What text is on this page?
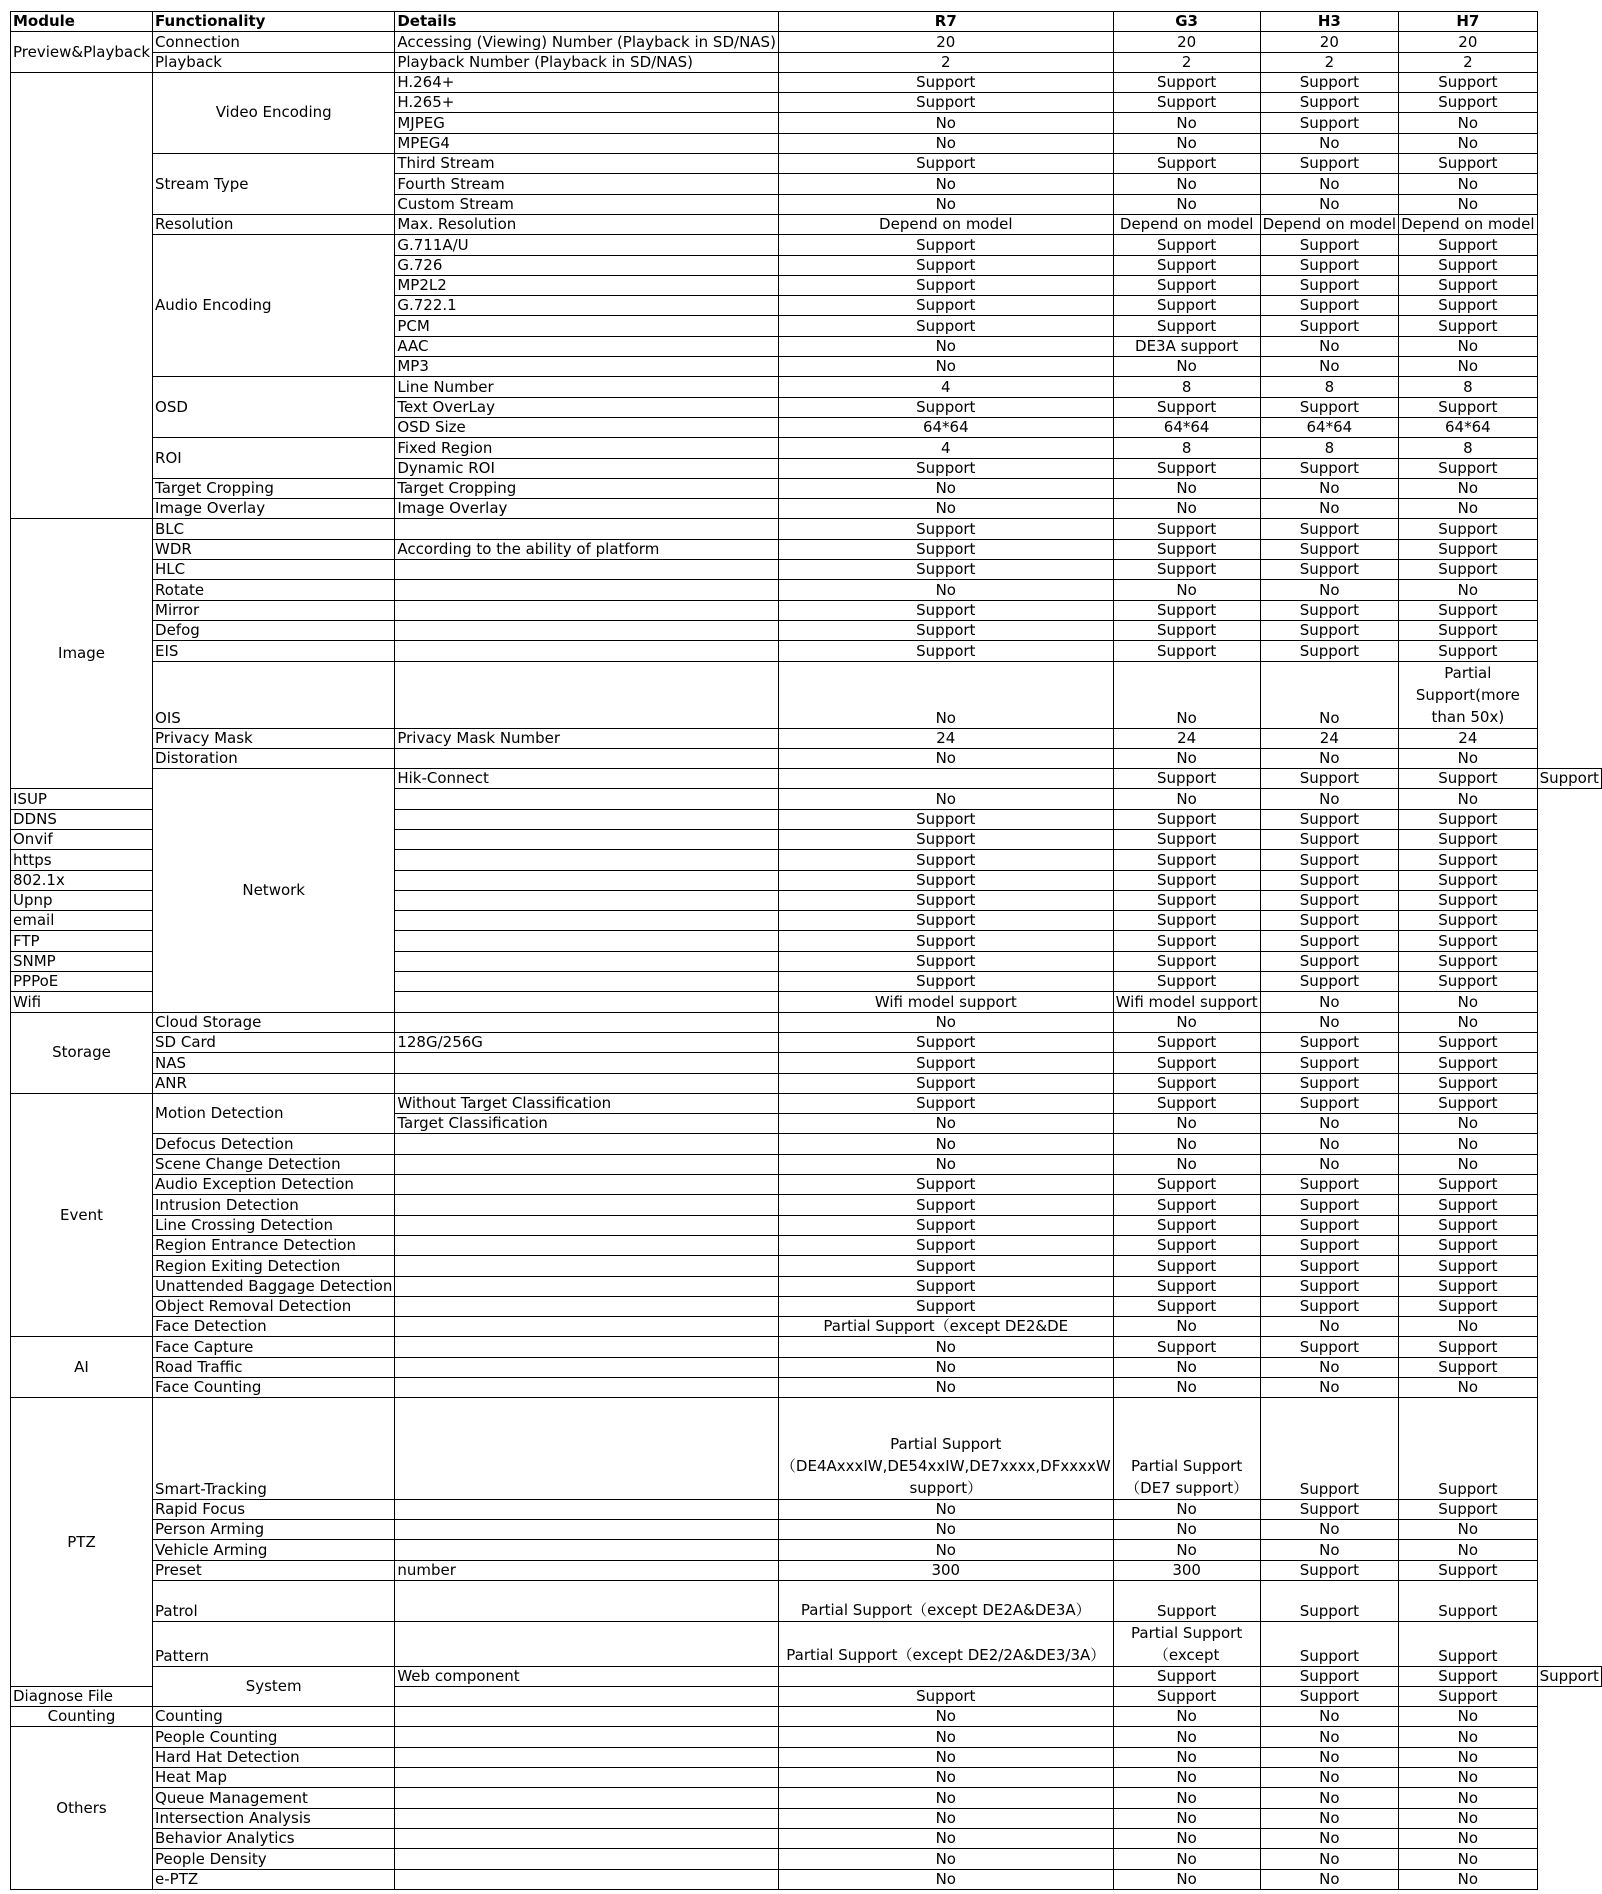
Module	Functionality	Details	R7	G3	H3	H7	
Preview&Playback	Connection	Accessing (Viewing) Number (Playback in SD/NAS)	20	20	20	20	
	Playback	Playback Number (Playback in SD/NAS)	2	2	2	2	
	Video Encoding	H.264+	Support	Support	Support	Support	
		H.265+	Support	Support	Support	Support	
		MJPEG	No	No	Support	No	
		MPEG4	No	No	No	No	
	Stream Type	Third Stream	Support	Support	Support	Support	
		Fourth Stream	No	No	No	No	
		Custom Stream	No	No	No	No	
	Resolution	Max. Resolution	Depend on model	Depend on model	Depend on model	Depend on model	
	Audio Encoding	G.711A/U	Support	Support	Support	Support	
		G.726	Support	Support	Support	Support	
		MP2L2	Support	Support	Support	Support	
		G.722.1	Support	Support	Support	Support	
		PCM	Support	Support	Support	Support	
		AAC	No	DE3A support	No	No	
		MP3	No	No	No	No	
	OSD	Line Number	4	8	8	8	
		Text OverLay	Support	Support	Support	Support	
		OSD Size	64*64	64*64	64*64	64*64	
	ROI	Fixed Region	4	8	8	8	
		Dynamic ROI	Support	Support	Support	Support	
	Target Cropping	Target Cropping	No	No	No	No	
	Image Overlay	Image Overlay	No	No	No	No	
Image	BLC		Support	Support	Support	Support	
	WDR	According to the ability of platform	Support	Support	Support	Support	
	HLC		Support	Support	Support	Support	
	Rotate		No	No	No	No	
	Mirror		Support	Support	Support	Support	
	Defog		Support	Support	Support	Support	
	EIS		Support	Support	Support	Support	
	OIS		No	No	No	Partial Support(more than 50x)	
	Privacy Mask	Privacy Mask Number	24	24	24	24	
	Distoration		No	No	No	No	
	Network	Hik-Connect		Support	Support	Support	Support
ISUP			No	No	No	No	
DDNS			Support	Support	Support	Support	
Onvif			Support	Support	Support	Support	
https			Support	Support	Support	Support	
802.1x			Support	Support	Support	Support	
Upnp			Support	Support	Support	Support	
email			Support	Support	Support	Support	
FTP			Support	Support	Support	Support	
SNMP			Support	Support	Support	Support	
PPPoE			Support	Support	Support	Support	
Wifi			Wifi model support	Wifi model support	No	No	
Storage	Cloud Storage		No	No	No	No	
	SD Card	128G/256G	Support	Support	Support	Support	
	NAS		Support	Support	Support	Support	
	ANR		Support	Support	Support	Support	
Event	Motion Detection	Without Target Classification	Support	Support	Support	Support	
		Target Classification	No	No	No	No	
	Defocus Detection		No	No	No	No	
	Scene Change Detection		No	No	No	No	
	Audio Exception Detection		Support	Support	Support	Support	
	Intrusion Detection		Support	Support	Support	Support	
	Line Crossing Detection		Support	Support	Support	Support	
	Region Entrance Detection		Support	Support	Support	Support	
	Region Exiting Detection		Support	Support	Support	Support	
	Unattended Baggage Detection		Support	Support	Support	Support	
	Object Removal Detection		Support	Support	Support	Support	
	Face Detection		Partial Support（except DE2&DE	No	No	No	
AI	Face Capture		No	Support	Support	Support	
	Road Traffic		No	No	No	Support	
	Face Counting		No	No	No	No	
PTZ	Smart-Tracking		Partial Support（DE4AxxxIW,DE54xxIW,DE7xxxx,DFxxxxW support）	Partial Support （DE7 support）	Support	Support	
	Rapid Focus		No	No	Support	Support	
	Person Arming		No	No	No	No	
	Vehicle Arming		No	No	No	No	
	Preset	number	300	300	Support	Support	
	Patrol		Partial Support（except DE2A&DE3A）	Support	Support	Support	
	Pattern		Partial Support（except DE2/2A&DE3/3A）	Partial Support（except	Support	Support	
	System	Web component		Support	Support	Support	Support
Diagnose File			Support	Support	Support	Support	
Counting	Counting		No	No	No	No	
Others	People Counting		No	No	No	No	
	Hard Hat Detection		No	No	No	No	
	Heat Map		No	No	No	No	
	Queue Management		No	No	No	No	
	Intersection Analysis		No	No	No	No	
	Behavior Analytics		No	No	No	No	
	People Density		No	No	No	No	
	e-PTZ		No	No	No	No	
